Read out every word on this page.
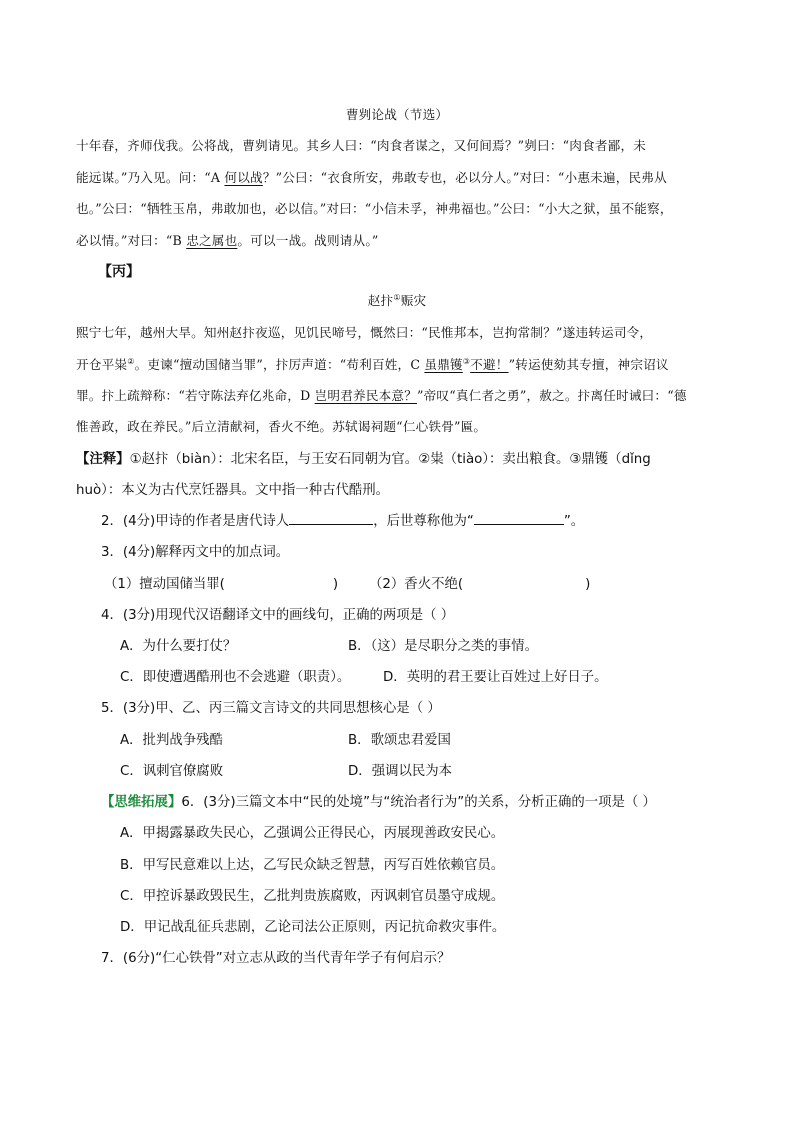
曹刿论战（节选）
十年春，齐师伐我。公将战，曹刿请见。其乡人曰：“肉食者谋之，又何间焉？”刿曰：“肉食者鄙，未
能远谋。”乃入见。问：“A 何以战？”公曰：“衣食所安，弗敢专也，必以分人。”对曰：“小惠未遍，民弗从
也。”公曰：“牺牲玉帛，弗敢加也，必以信。”对曰：“小信未孚，神弗福也。”公曰：“小大之狱，虽不能察，
必以情。”对曰：“B 忠之属也。可以一战。战则请从。”
【丙】
赵抃①赈灾
熙宁七年，越州大旱。知州赵抃夜巡，见饥民啼号，慨然曰：“民惟邦本，岂拘常制？”遂违转运司令，
开仓平粜②。吏谏“擅动国储当罪”，抃厉声道：“苟利百姓，C 虽鼎镬③不避！”转运使劾其专擅，神宗诏议
罪。抃上疏辩称：“若守陈法弃亿兆命，D 岂明君养民本意？”帝叹“真仁者之勇”，赦之。抃离任时诫曰：“德
惟善政，政在养民。”后立清献祠，香火不绝。苏轼谒祠题“仁心铁骨”匾。
【注释】①赵抃（biàn）：北宋名臣，与王安石同朝为官。②粜（tiào）：卖出粮食。③鼎镬（dǐng
huò）：本义为古代烹饪器具。文中指一种古代酷刑。
2．(4分)甲诗的作者是唐代诗人	，后世尊称他为“	”。
3．(4分)解释丙文中的加点词。
（1）擅动国储当罪(	) （2）香火不绝(	)
4．(3分)用现代汉语翻译文中的画线句，正确的两项是（ ）
A．为什么要打仗？	B．（这）是尽职分之类的事情。
C．即使遭遇酷刑也不会逃避（职责）。 D．英明的君王要让百姓过上好日子。
5．(3分)甲、乙、丙三篇文言诗文的共同思想核心是（ ）
A．批判战争残酷	B．歌颂忠君爱国
C．讽刺官僚腐败	D．强调以民为本
【思维拓展】6．(3分)三篇文本中“民的处境”与“统治者行为”的关系，分析正确的一项是（ ）
A．甲揭露暴政失民心，乙强调公正得民心，丙展现善政安民心。
B．甲写民意难以上达，乙写民众缺乏智慧，丙写百姓依赖官员。
C．甲控诉暴政毁民生，乙批判贵族腐败，丙讽刺官员墨守成规。
D．甲记战乱征兵悲剧，乙论司法公正原则，丙记抗命救灾事件。
7．(6分)“仁心铁骨”对立志从政的当代青年学子有何启示？
